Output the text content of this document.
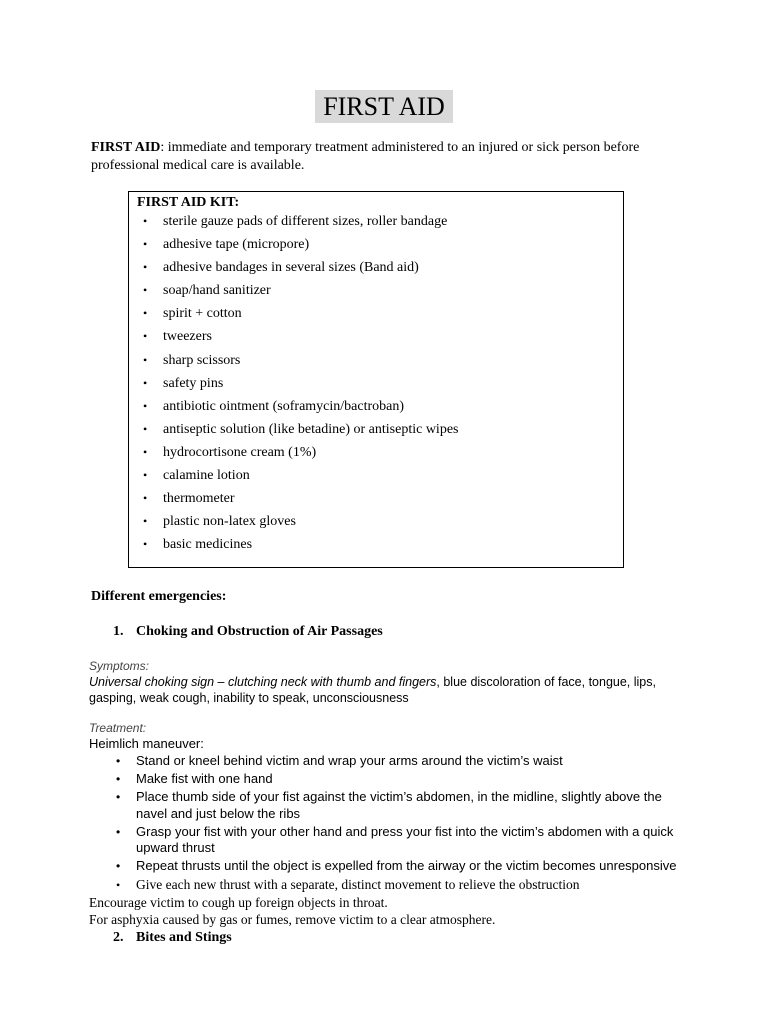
FIRST AID

FIRST AID: immediate and temporary treatment administered to an injured or sick person before professional medical care is available.

FIRST AID KIT:

• sterile gauze pads of different sizes, roller bandage
• adhesive tape (micropore)
• adhesive bandages in several sizes (Band aid)
• soap/hand sanitizer
• spirit + cotton
• tweezers
• sharp scissors
• safety pins
• antibiotic ointment (soframycin/bactroban)
• antiseptic solution (like betadine) or antiseptic wipes
• hydrocortisone cream (1%)
• calamine lotion
• thermometer
• plastic non-latex gloves
• basic medicines

Different emergencies:

1. Choking and Obstruction of Air Passages

Symptoms:
Universal choking sign – clutching neck with thumb and fingers, blue discoloration of face, tongue, lips, gasping, weak cough, inability to speak, unconsciousness
Treatment:
Heimlich maneuver:
• Stand or kneel behind victim and wrap your arms around the victim’s waist
• Make fist with one hand
• Place thumb side of your fist against the victim’s abdomen, in the midline, slightly above the navel and just below the ribs
• Grasp your fist with your other hand and press your fist into the victim’s abdomen with a quick upward thrust
• Repeat thrusts until the object is expelled from the airway or the victim becomes unresponsive
• Give each new thrust with a separate, distinct movement to relieve the obstruction
Encourage victim to cough up foreign objects in throat.
For asphyxia caused by gas or fumes, remove victim to a clear atmosphere.

2. Bites and Stings
